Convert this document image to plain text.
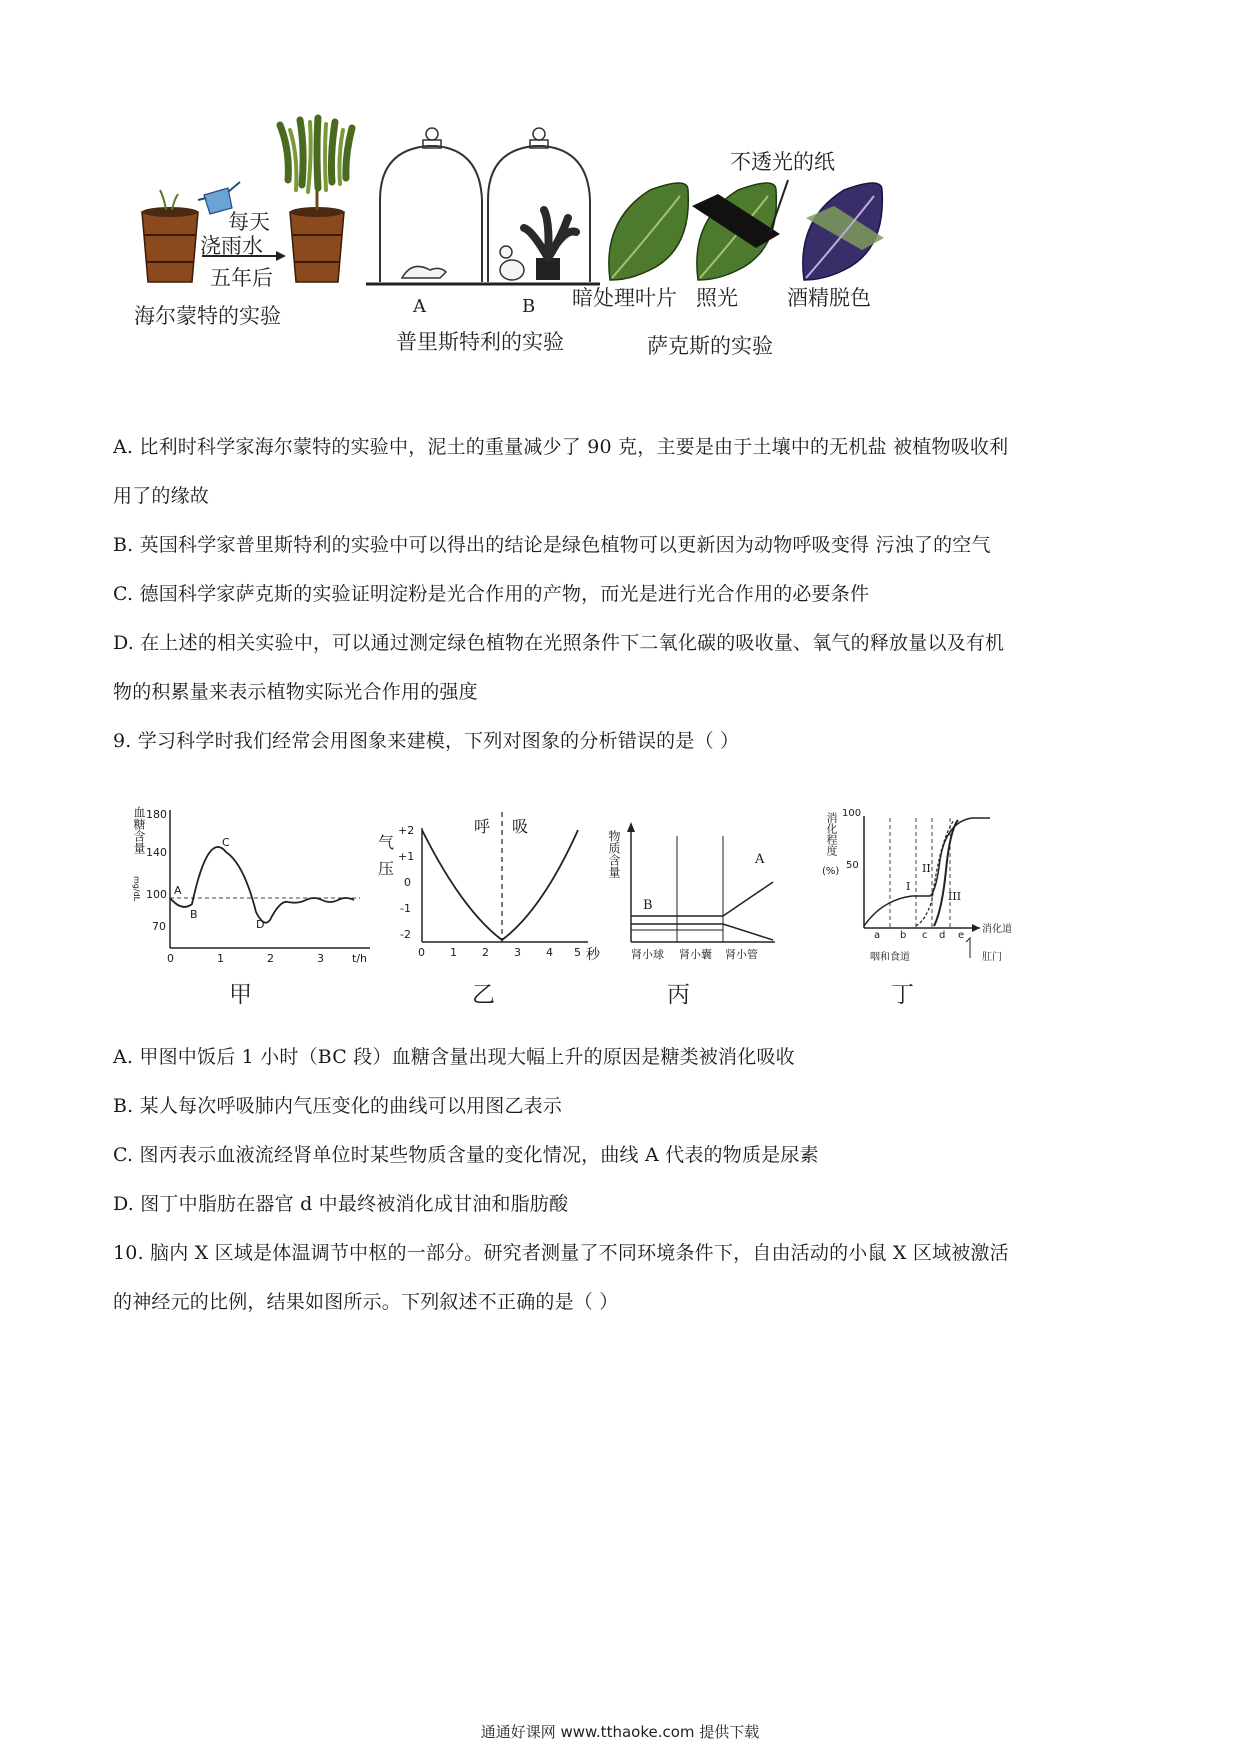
每天
浇雨水
五年后
海尔蒙特的实验	A	B
普里斯特利的实验
不透光的纸
暗处理叶片 照光 酒精脱色
萨克斯的实验
A. 比利时科学家海尔蒙特的实验中，泥土的重量减少了 90 克，主要是由于土壤中的无机盐 被植物吸收利
用了的缘故
B. 英国科学家普里斯特利的实验中可以得出的结论是绿色植物可以更新因为动物呼吸变得 污浊了的空气
C. 德国科学家萨克斯的实验证明淀粉是光合作用的产物，而光是进行光合作用的必要条件
D. 在上述的相关实验中，可以通过测定绿色植物在光照条件下二氧化碳的吸收量、氧气的释放量以及有机
物的积累量来表示植物实际光合作用的强度
9. 学习科学时我们经常会用图象来建模，下列对图象的分析错误的是（ ）
血糖含量
mg/dL
180
140
100
70
A
B
C
D
0	1	2	3	t/h
甲
气
压
+2
+1
0
-1
-2
呼 吸
0 1 2 3 4 5 秒
乙
物质含量	A
B
肾小球 肾小囊 肾小管
丙
消化程度
(%)
100
50
I
II
III
a b c d e
消化道
咽和食道	肛门
丁
A. 甲图中饭后 1 小时（BC 段）血糖含量出现大幅上升的原因是糖类被消化吸收
B. 某人每次呼吸肺内气压变化的曲线可以用图乙表示
C. 图丙表示血液流经肾单位时某些物质含量的变化情况，曲线 A 代表的物质是尿素
D. 图丁中脂肪在器官 d 中最终被消化成甘油和脂肪酸
10. 脑内 X 区域是体温调节中枢的一部分。研究者测量了不同环境条件下，自由活动的小鼠 X 区域被激活
的神经元的比例，结果如图所示。下列叙述不正确的是（ ）
通通好课网 www.tthaoke.com 提供下载
